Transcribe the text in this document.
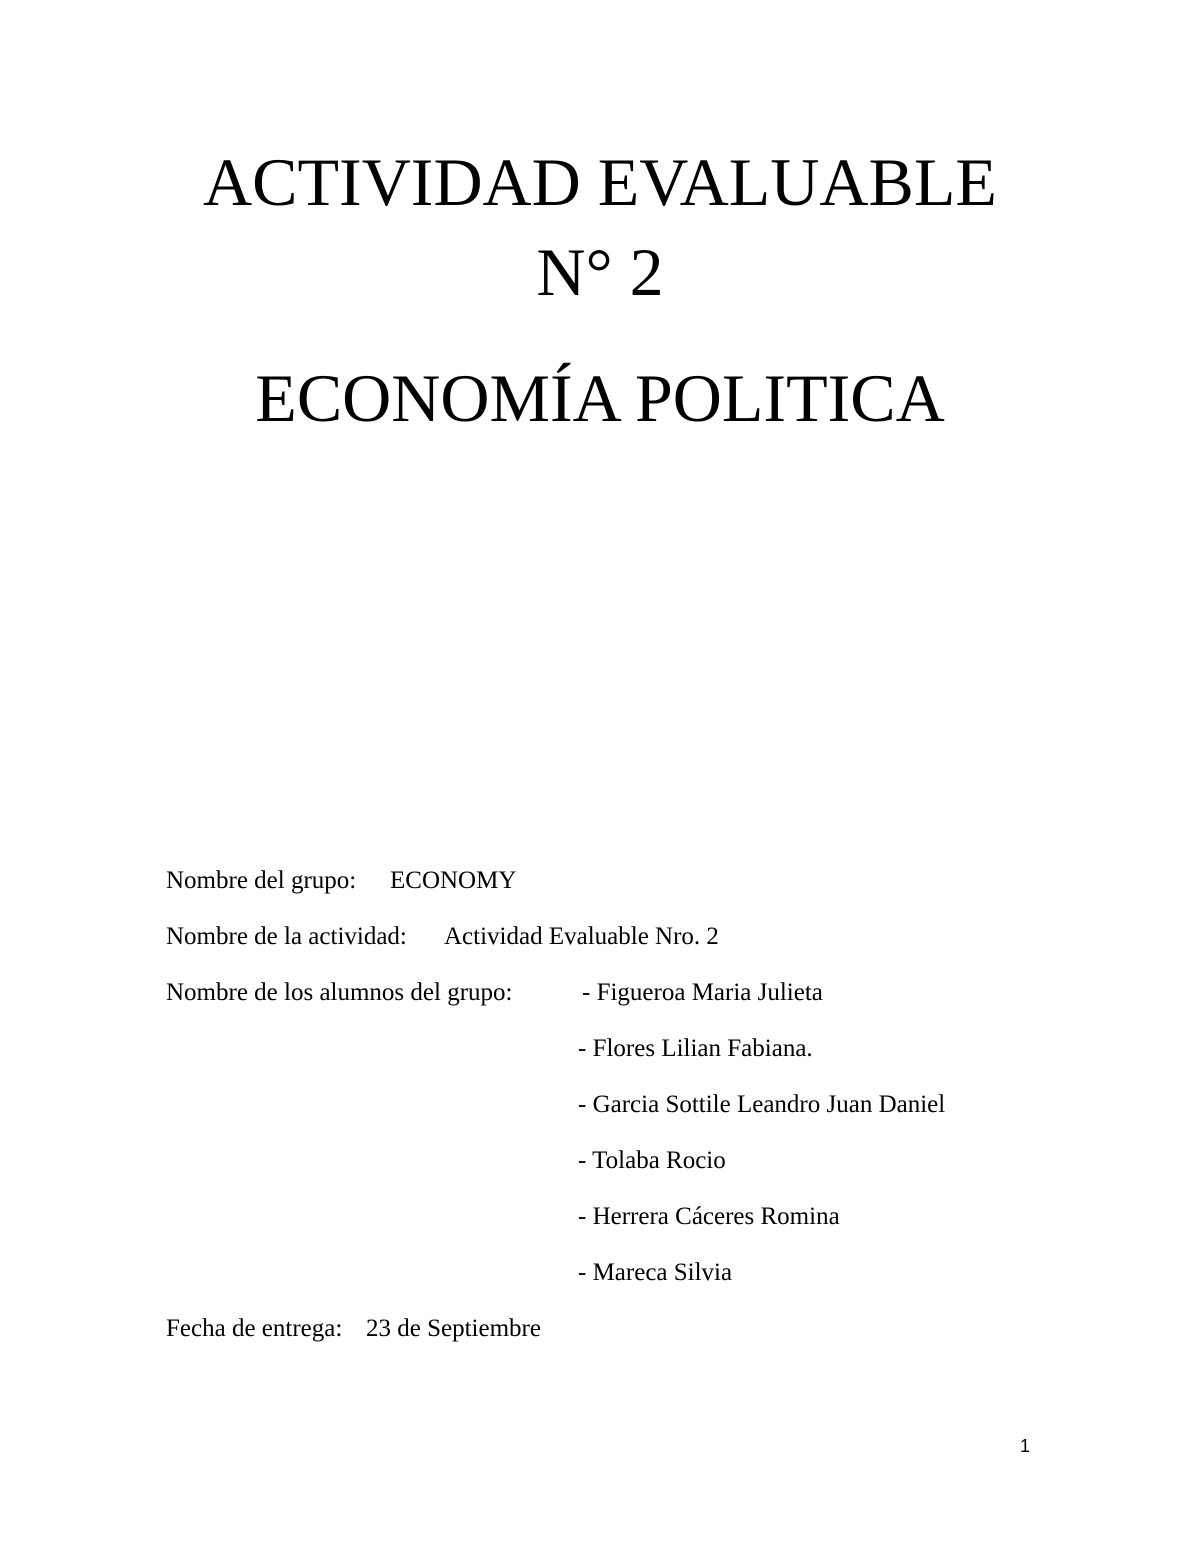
ACTIVIDAD EVALUABLE
N° 2
ECONOMÍA POLITICA
Nombre del grupo: ECONOMY
Nombre de la actividad: Actividad Evaluable Nro. 2
Nombre de los alumnos del grupo:	- Figueroa Maria Julieta
- Flores Lilian Fabiana.
- Garcia Sottile Leandro Juan Daniel
- Tolaba Rocio
- Herrera Cáceres Romina
- Mareca Silvia
Fecha de entrega: 23 de Septiembre
1
